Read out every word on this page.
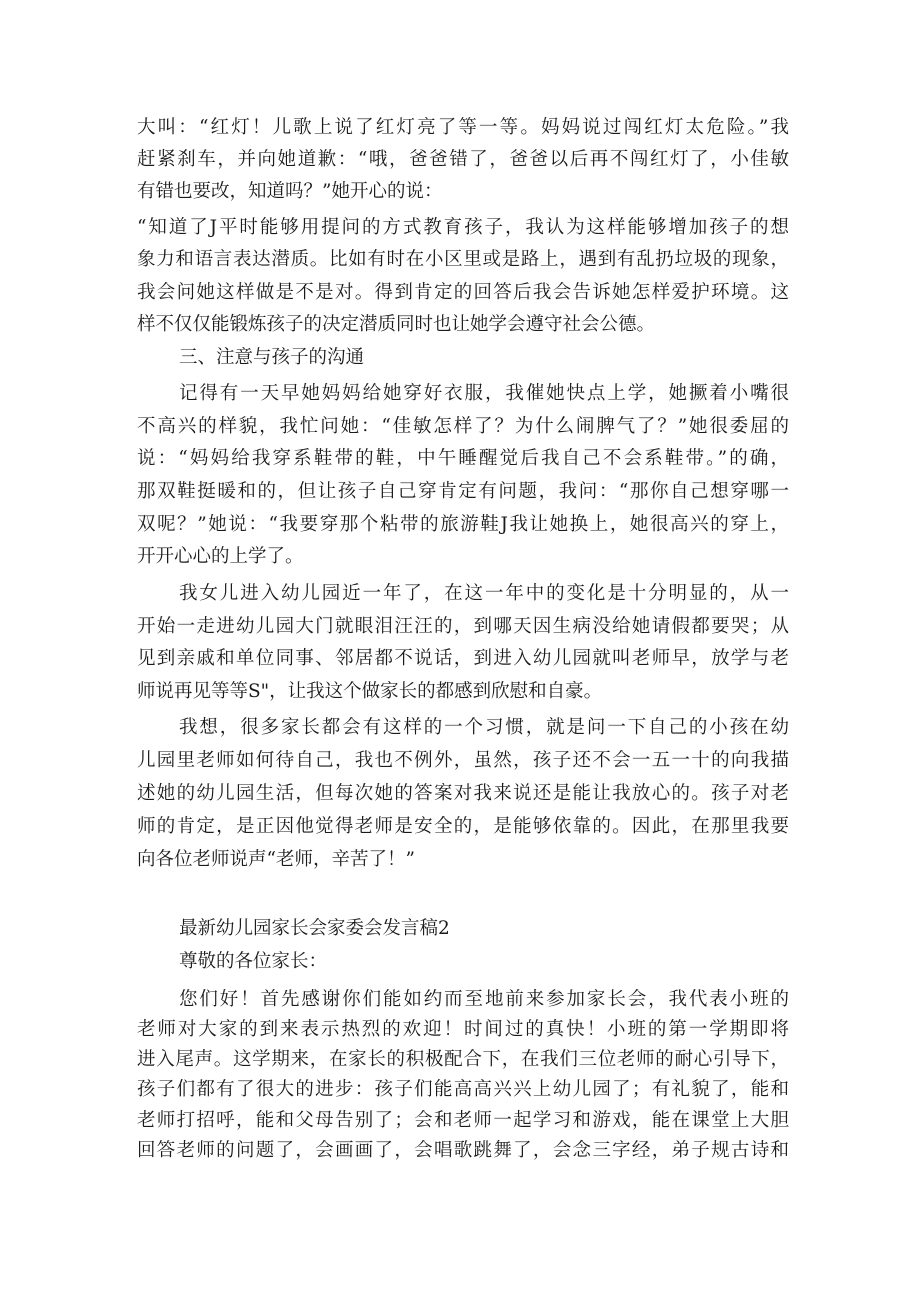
大叫：“红灯！儿歌上说了红灯亮了等一等。妈妈说过闯红灯太危险。”我
赶紧刹车，并向她道歉：“哦，爸爸错了，爸爸以后再不闯红灯了，小佳敏
有错也要改，知道吗？”她开心的说：
“知道了J平时能够用提问的方式教育孩子，我认为这样能够增加孩子的想
象力和语言表达潜质。比如有时在小区里或是路上，遇到有乱扔垃圾的现象，
我会问她这样做是不是对。得到肯定的回答后我会告诉她怎样爱护环境。这
样不仅仅能锻炼孩子的决定潜质同时也让她学会遵守社会公德。
三、注意与孩子的沟通
记得有一天早她妈妈给她穿好衣服，我催她快点上学，她撅着小嘴很
不高兴的样貌，我忙问她：“佳敏怎样了？为什么闹脾气了？”她很委屈的
说：“妈妈给我穿系鞋带的鞋，中午睡醒觉后我自己不会系鞋带。”的确，
那双鞋挺暖和的，但让孩子自己穿肯定有问题，我问：“那你自己想穿哪一
双呢？”她说：“我要穿那个粘带的旅游鞋J我让她换上，她很高兴的穿上，
开开心心的上学了。
我女儿进入幼儿园近一年了，在这一年中的变化是十分明显的，从一
开始一走进幼儿园大门就眼泪汪汪的，到哪天因生病没给她请假都要哭；从
见到亲戚和单位同事、邻居都不说话，到进入幼儿园就叫老师早，放学与老
师说再见等等S"，让我这个做家长的都感到欣慰和自豪。
我想，很多家长都会有这样的一个习惯，就是问一下自己的小孩在幼
儿园里老师如何待自己，我也不例外，虽然，孩子还不会一五一十的向我描
述她的幼儿园生活，但每次她的答案对我来说还是能让我放心的。孩子对老
师的肯定，是正因他觉得老师是安全的，是能够依靠的。因此，在那里我要
向各位老师说声“老师，辛苦了！”
最新幼儿园家长会家委会发言稿2
尊敬的各位家长：
您们好！首先感谢你们能如约而至地前来参加家长会，我代表小班的
老师对大家的到来表示热烈的欢迎！时间过的真快！小班的第一学期即将
进入尾声。这学期来，在家长的积极配合下，在我们三位老师的耐心引导下，
孩子们都有了很大的进步：孩子们能高高兴兴上幼儿园了；有礼貌了，能和
老师打招呼，能和父母告别了；会和老师一起学习和游戏，能在课堂上大胆
回答老师的问题了，会画画了，会唱歌跳舞了，会念三字经，弟子规古诗和
